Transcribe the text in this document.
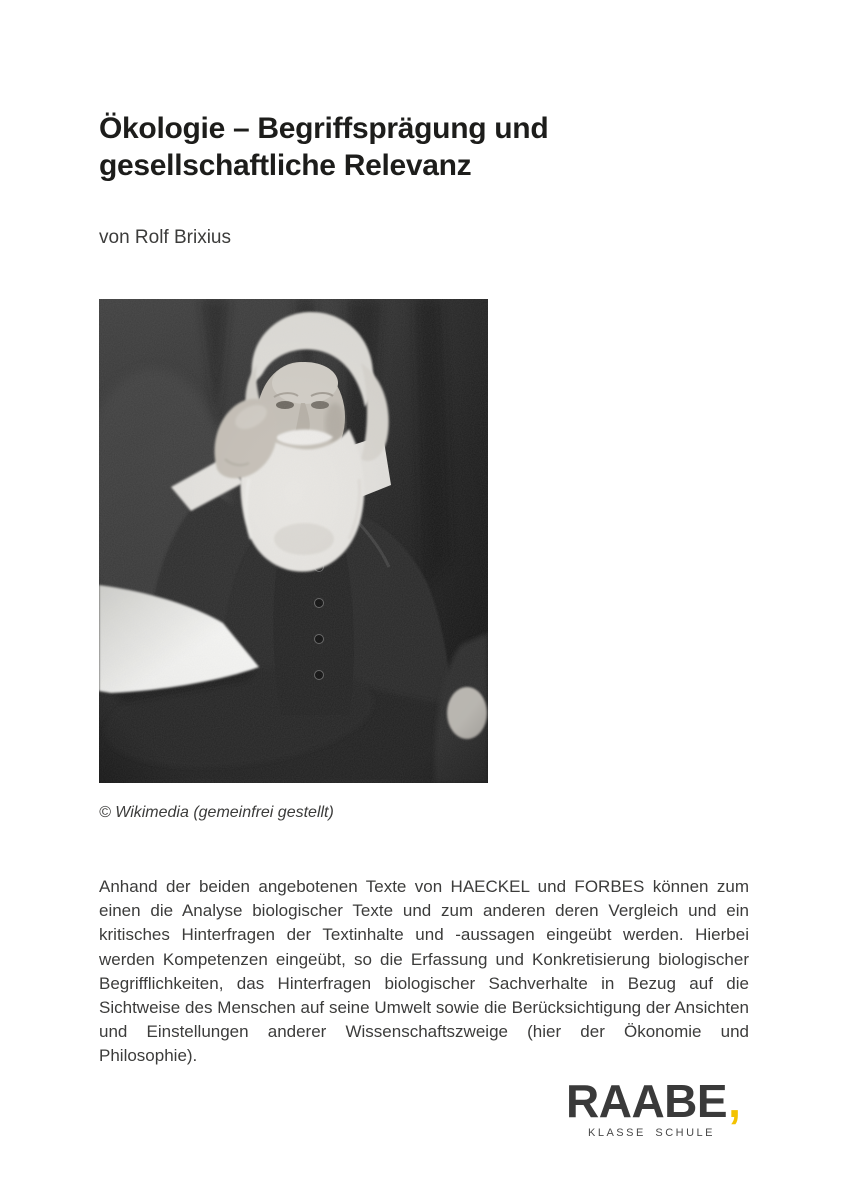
Ökologie – Begriffsprägung und
gesellschaftliche Relevanz
von Rolf Brixius
© Wikimedia (gemeinfrei gestellt)

Anhand der beiden angebotenen Texte von HAECKEL und FORBES können zum einen die Analyse biologischer Texte und zum anderen deren Vergleich und ein kritisches Hinterfragen der Textinhalte und -aussagen eingeübt werden. Hierbei werden Kompetenzen eingeübt, so die Erfassung und Konkretisierung biologischer Begrifflichkeiten, das Hinterfragen biologischer Sachverhalte in Bezug auf die Sichtweise des Menschen auf seine Umwelt sowie die Berücksichtigung der Ansichten und Einstellungen anderer Wissenschaftszweige (hier der Ökonomie und Philosophie).

RAABE ,
KLASSE SCHULE
